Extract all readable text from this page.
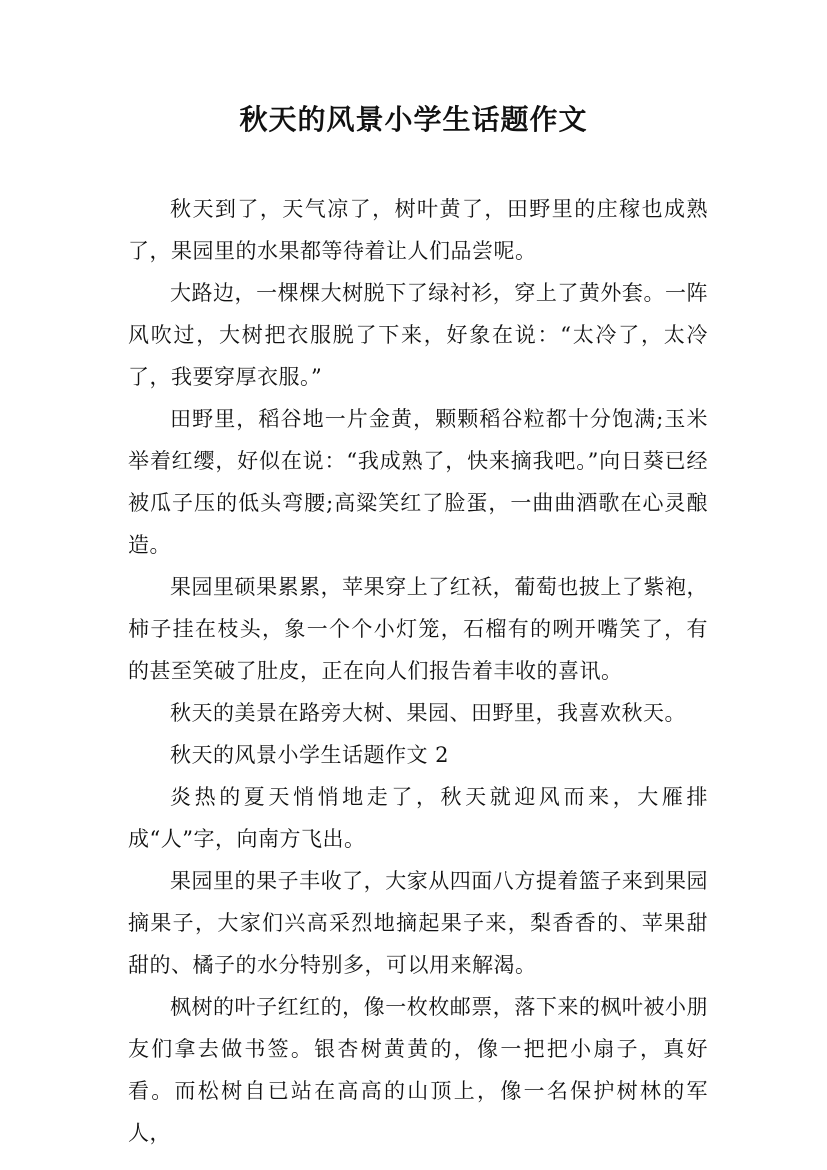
秋天的风景小学生话题作文

秋天到了，天气凉了，树叶黄了，田野里的庄稼也成熟了，果园里的水果都等待着让人们品尝呢。

大路边，一棵棵大树脱下了绿衬衫，穿上了黄外套。一阵风吹过，大树把衣服脱了下来，好象在说：“太冷了，太冷了，我要穿厚衣服。”

田野里，稻谷地一片金黄，颗颗稻谷粒都十分饱满;玉米举着红缨，好似在说：“我成熟了，快来摘我吧。”向日葵已经被瓜子压的低头弯腰;高粱笑红了脸蛋，一曲曲酒歌在心灵酿造。

果园里硕果累累，苹果穿上了红袄，葡萄也披上了紫袍，柿子挂在枝头，象一个个小灯笼，石榴有的咧开嘴笑了，有的甚至笑破了肚皮，正在向人们报告着丰收的喜讯。

秋天的美景在路旁大树、果园、田野里，我喜欢秋天。

秋天的风景小学生话题作文 2

炎热的夏天悄悄地走了，秋天就迎风而来，大雁排成“人”字，向南方飞出。

果园里的果子丰收了，大家从四面八方提着篮子来到果园摘果子，大家们兴高采烈地摘起果子来，梨香香的、苹果甜甜的、橘子的水分特别多，可以用来解渴。

枫树的叶子红红的，像一枚枚邮票，落下来的枫叶被小朋友们拿去做书签。银杏树黄黄的，像一把把小扇子，真好看。而松树自已站在高高的山顶上，像一名保护树林的军人，
